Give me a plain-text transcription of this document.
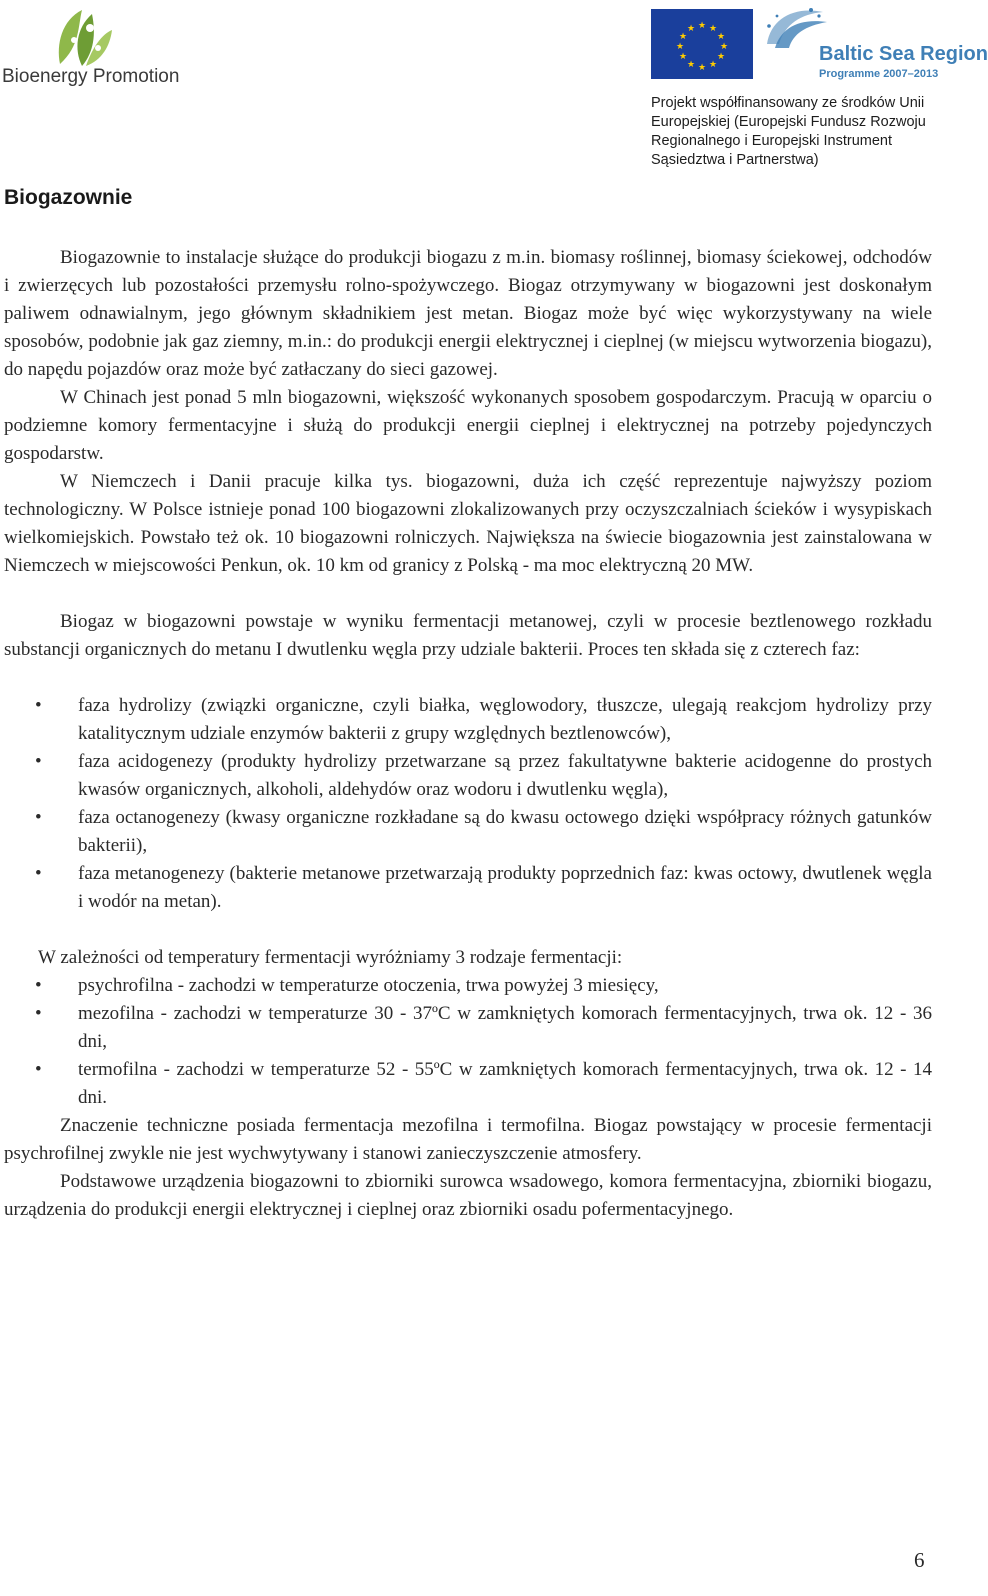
Bioenergy Promotion
★ ★
★
★
★
★
★
★
★
★
★
★
Baltic Sea Region
Programme 2007–2013
Projekt współfinansowany ze środków Unii
Europejskiej (Europejski Fundusz Rozwoju
Regionalnego i Europejski Instrument
Sąsiedztwa i Partnerstwa)
Biogazownie

Biogazownie to instalacje służące do produkcji biogazu z m.in. biomasy roślinnej, biomasy ściekowej, odchodów i zwierzęcych lub pozostałości przemysłu rolno-spożywczego. Biogaz otrzymywany w biogazowni jest doskonałym paliwem odnawialnym, jego głównym składnikiem jest metan. Biogaz może być więc wykorzystywany na wiele sposobów, podobnie jak gaz ziemny, m.in.: do produkcji energii elektrycznej i cieplnej (w miejscu wytworzenia biogazu), do napędu pojazdów oraz może być zatłaczany do sieci gazowej.

W Chinach jest ponad 5 mln biogazowni, większość wykonanych sposobem gospodarczym. Pracują w oparciu o podziemne komory fermentacyjne i służą do produkcji energii cieplnej i elektrycznej na potrzeby pojedynczych gospodarstw.

W Niemczech i Danii pracuje kilka tys. biogazowni, duża ich część reprezentuje najwyższy poziom technologiczny. W Polsce istnieje ponad 100 biogazowni zlokalizowanych przy oczyszczalniach ścieków i wysypiskach wielkomiejskich. Powstało też ok. 10 biogazowni rolniczych. Największa na świecie biogazownia jest zainstalowana w Niemczech w miejscowości Penkun, ok. 10 km od granicy z Polską - ma moc elektryczną 20 MW.

Biogaz w biogazowni powstaje w wyniku fermentacji metanowej, czyli w procesie beztlenowego rozkładu substancji organicznych do metanu I dwutlenku węgla przy udziale bakterii. Proces ten składa się z czterech faz:

• faza hydrolizy (związki organiczne, czyli białka, węglowodory, tłuszcze, ulegają reakcjom hydrolizy przy katalitycznym udziale enzymów bakterii z grupy względnych beztlenowców),
• faza acidogenezy (produkty hydrolizy przetwarzane są przez fakultatywne bakterie acidogenne do prostych kwasów organicznych, alkoholi, aldehydów oraz wodoru i dwutlenku węgla),
• faza octanogenezy (kwasy organiczne rozkładane są do kwasu octowego dzięki współpracy różnych gatunków bakterii),
• faza metanogenezy (bakterie metanowe przetwarzają produkty poprzednich faz: kwas octowy, dwutlenek węgla i wodór na metan).

W zależności od temperatury fermentacji wyróżniamy 3 rodzaje fermentacji:

• psychrofilna - zachodzi w temperaturze otoczenia, trwa powyżej 3 miesięcy,
• mezofilna - zachodzi w temperaturze 30 - 37ºC w zamkniętych komorach fermentacyjnych, trwa ok. 12 - 36 dni,
• termofilna - zachodzi w temperaturze 52 - 55ºC w zamkniętych komorach fermentacyjnych, trwa ok. 12 - 14 dni.

Znaczenie techniczne posiada fermentacja mezofilna i termofilna. Biogaz powstający w procesie fermentacji psychrofilnej zwykle nie jest wychwytywany i stanowi zanieczyszczenie atmosfery.

Podstawowe urządzenia biogazowni to zbiorniki surowca wsadowego, komora fermentacyjna, zbiorniki biogazu, urządzenia do produkcji energii elektrycznej i cieplnej oraz zbiorniki osadu pofermentacyjnego.

6
